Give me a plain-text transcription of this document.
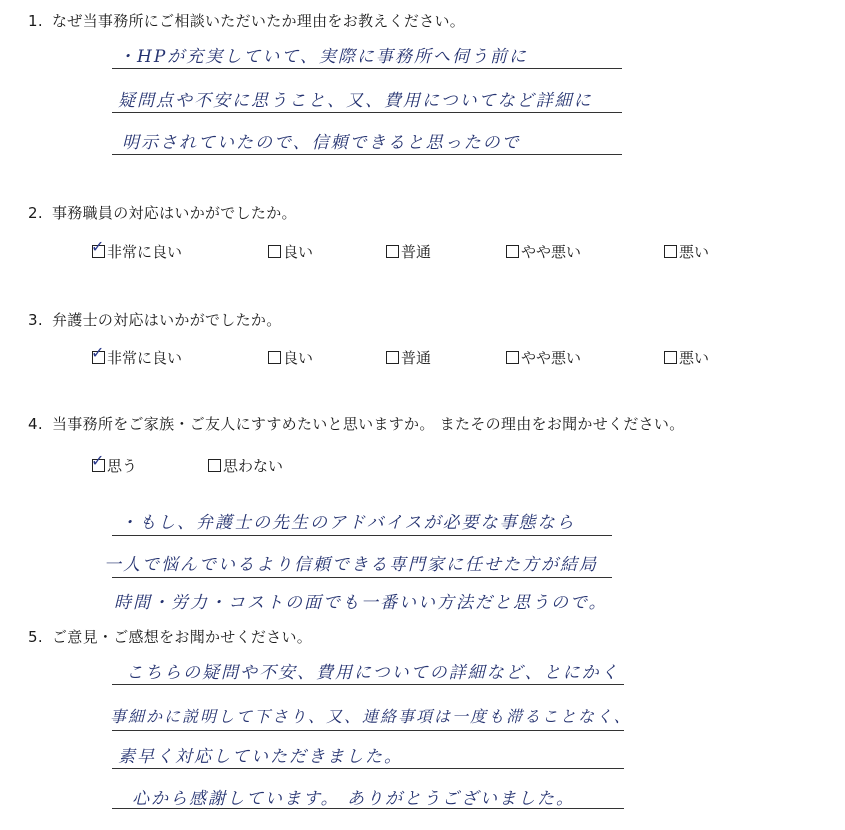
1. なぜ当事務所にご相談いただいたか理由をお教えください。
・HPが充実していて、実際に事務所へ伺う前に
疑問点や不安に思うこと、又、費用についてなど詳細に
明示されていたので、信頼できると思ったので
2. 事務職員の対応はいかがでしたか。
✓ 非常に良い	良い	普通	やや悪い	悪い
3. 弁護士の対応はいかがでしたか。
✓ 非常に良い	良い	普通	やや悪い	悪い
4. 当事務所をご家族・ご友人にすすめたいと思いますか。 またその理由をお聞かせください。
✓ 思う	思わない
・もし、弁護士の先生のアドバイスが必要な事態なら
一人で悩んでいるより信頼できる専門家に任せた方が結局
時間・労力・コストの面でも一番いい方法だと思うので。
5. ご意見・ご感想をお聞かせください。
こちらの疑問や不安、費用についての詳細など、とにかく
事細かに説明して下さり、又、連絡事項は一度も滞ることなく、
素早く対応していただきました。
心から感謝しています。 ありがとうございました。
